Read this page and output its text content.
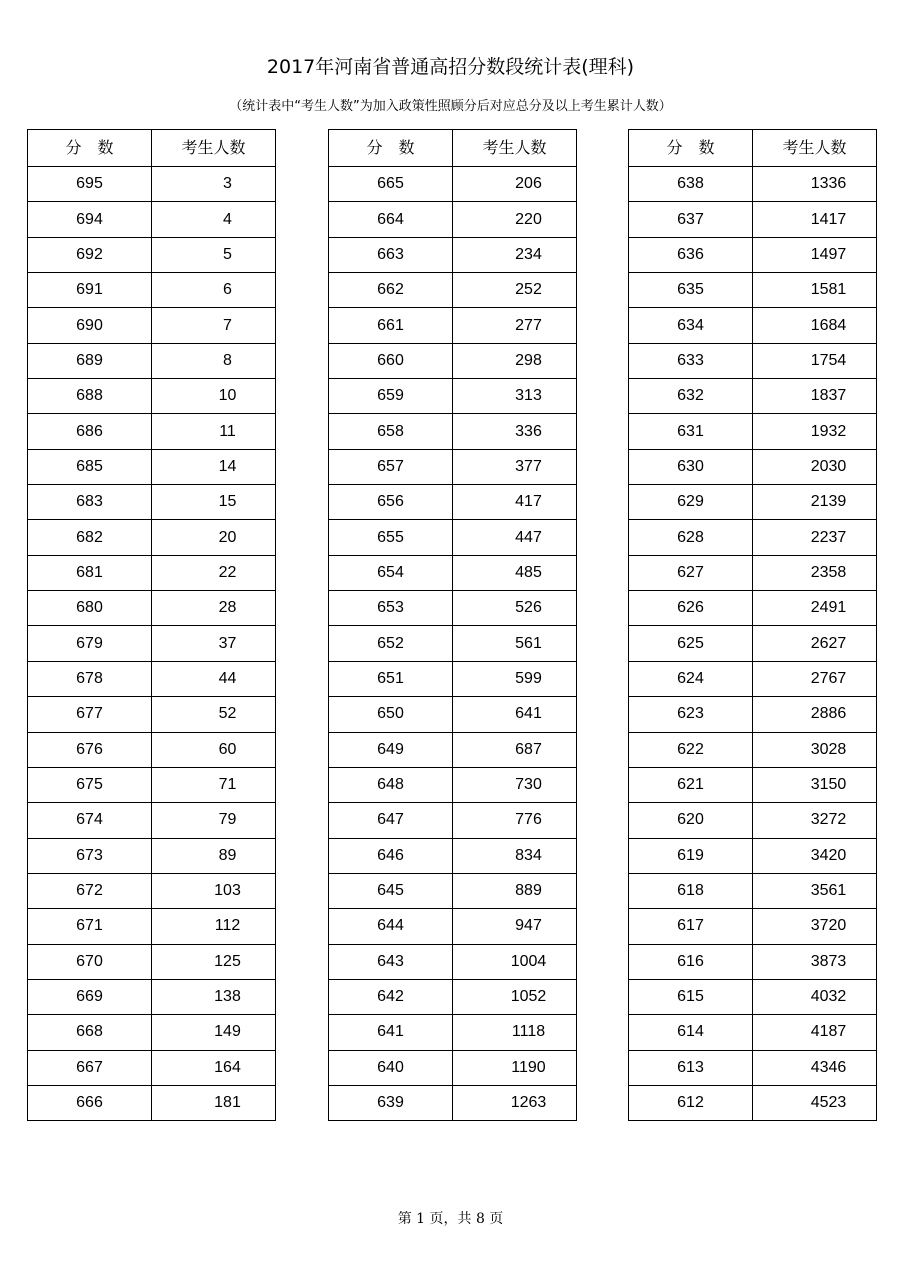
2017年河南省普通高招分数段统计表(理科)
（统计表中“考生人数”为加入政策性照顾分后对应总分及以上考生累计人数）
分　数	考生人数
695	3
694	4
692	5
691	6
690	7
689	8
688	10
686	11
685	14
683	15
682	20
681	22
680	28
679	37
678	44
677	52
676	60
675	71
674	79
673	89
672	103
671	112
670	125
669	138
668	149
667	164
666	181
分　数	考生人数
665	206
664	220
663	234
662	252
661	277
660	298
659	313
658	336
657	377
656	417
655	447
654	485
653	526
652	561
651	599
650	641
649	687
648	730
647	776
646	834
645	889
644	947
643	1004
642	1052
641	1118
640	1190
639	1263
分　数	考生人数
638	1336
637	1417
636	1497
635	1581
634	1684
633	1754
632	1837
631	1932
630	2030
629	2139
628	2237
627	2358
626	2491
625	2627
624	2767
623	2886
622	3028
621	3150
620	3272
619	3420
618	3561
617	3720
616	3873
615	4032
614	4187
613	4346
612	4523
第 1 页，共 8 页
